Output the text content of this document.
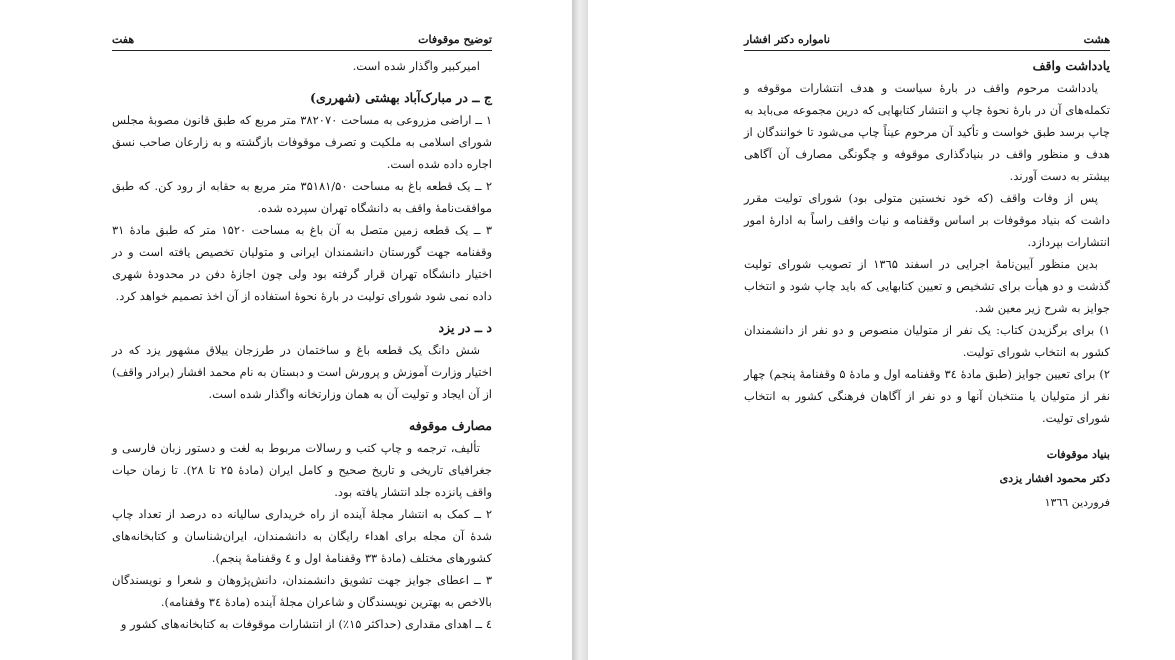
توضیح موقوفات
هفت

امیرکبیر واگذار شده است.

ج ــ در مبارک‌آباد بهشتی (شهرری)

۱ ــ اراضی مزروعی به مساحت ۳۸۲۰۷۰ متر مربع که طبق قانون مصوبهٔ مجلس شورای اسلامی به ملکیت و تصرف موقوفات بازگشته و به زارعان صاحب نسق اجاره داده شده است.

۲ ــ یک قطعه باغ به مساحت ۳۵۱۸۱/۵۰ متر مربع به حقابه از رود کن. که طبق موافقت‌نامهٔ واقف به دانشگاه تهران سپرده شده.

۳ ــ یک قطعه زمین متصل به آن باغ به مساحت ۱۵۲۰ متر که طبق مادهٔ ۳۱ وقفنامه جهت گورستان دانشمندان ایرانی و متولیان تخصیص یافته است و در اختیار دانشگاه تهران قرار گرفته بود ولی چون اجازهٔ دفن در محدودهٔ شهری داده نمی شود شورای تولیت در بارهٔ نحوهٔ استفاده از آن اخذ تصمیم خواهد کرد.

د ــ در یزد

شش دانگ یک قطعه باغ و ساختمان در طرزجان ییلاق مشهور یزد که در اختیار وزارت آموزش و پرورش است و دبستان به نام محمد افشار (برادر واقف) از آن ایجاد و تولیت آن به همان وزارتخانه واگذار شده است.

مصارف موقوفه

تألیف، ترجمه و چاپ کتب و رسالات مربوط به لغت و دستور زبان فارسی و جغرافیای تاریخی و تاریخ صحیح و کامل ایران (مادهٔ ۲۵ تا ۲۸). تا زمان حیات واقف پانزده جلد انتشار یافته بود.

۲ ــ کمک به انتشار مجلهٔ آینده از راه خریداری سالیانه ده درصد از تعداد چاپ شدهٔ آن مجله برای اهداء رایگان به دانشمندان، ایران‌شناسان و کتابخانه‌های کشورهای مختلف (مادهٔ ۳۳ وقفنامهٔ اول و ٤ وقفنامهٔ پنجم).

۳ ــ اعطای جوایز جهت تشویق دانشمندان، دانش‌پژوهان و شعرا و نویسندگان بالاخص به بهترین نویسندگان و شاعران مجلهٔ آینده (مادهٔ ۳٤ وقفنامه).

٤ ــ اهدای مقداری (حداکثر ۱۵٪) از انتشارات موقوفات به کتابخانه‌های کشور و

هشت
نامواره دکتر افشار
یادداشت واقف

یادداشت مرحوم واقف در بارهٔ سیاست و هدف انتشارات موقوفه و تکمله‌های آن در بارهٔ نحوهٔ چاپ و انتشار کتابهایی که درین مجموعه می‌باید به چاپ برسد طبق خواست و تأکید آن مرحوم عیناً چاپ می‌شود تا خوانندگان از هدف و منظور واقف در بنیادگذاری موقوفه و چگونگی مصارف آن آگاهی بیشتر به دست آورند.

پس از وفات واقف (که خود نخستین متولی بود) شورای تولیت مقرر داشت که بنیاد موقوفات بر اساس وقفنامه و نیات واقف راساً به ادارهٔ امور انتشارات بپردازد.

بدین منظور آیین‌نامهٔ اجرایی در اسفند ۱۳٦۵ از تصویب شورای تولیت گذشت و دو هیأت برای تشخیص و تعیین کتابهایی که باید چاپ شود و انتخاب جوایز به شرح زیر معین شد.

۱) برای برگزیدن کتاب: یک نفر از متولیان منصوص و دو نفر از دانشمندان کشور به انتخاب شورای تولیت.

۲) برای تعیین جوایز (طبق مادهٔ ۳٤ وقفنامه اول و مادهٔ ۵ وقفنامهٔ پنجم) چهار نفر از متولیان یا منتخبان آنها و دو نفر از آگاهان فرهنگی کشور به انتخاب شورای تولیت.

بنیاد موقوفات
دکتر محمود افشار یزدی
فروردین ۱۳٦٦
